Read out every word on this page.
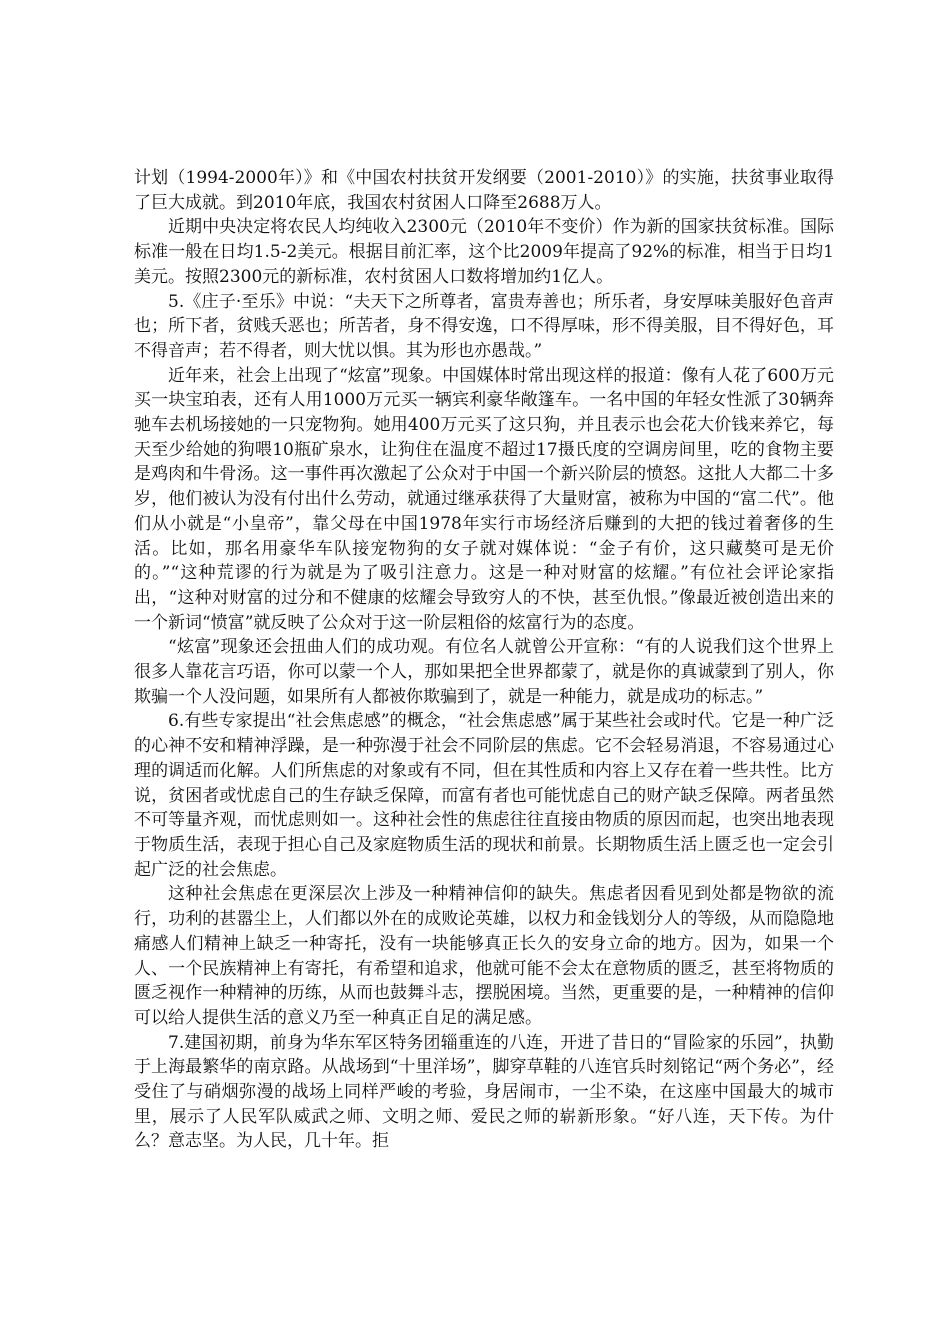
计划（1994-2000年）》和《中国农村扶贫开发纲要（2001-2010）》的实施，扶贫事业取得了巨大成就。到2010年底，我国农村贫困人口降至2688万人。

近期中央决定将农民人均纯收入2300元（2010年不变价）作为新的国家扶贫标准。国际标准一般在日均1.5-2美元。根据目前汇率，这个比2009年提高了92%的标准，相当于日均1美元。按照2300元的新标准，农村贫困人口数将增加约1亿人。

5.《庄子·至乐》中说：“夫天下之所尊者，富贵寿善也；所乐者，身安厚味美服好色音声也；所下者，贫贱夭恶也；所苦者，身不得安逸，口不得厚味，形不得美服，目不得好色，耳不得音声；若不得者，则大忧以惧。其为形也亦愚哉。”

近年来，社会上出现了“炫富”现象。中国媒体时常出现这样的报道：像有人花了600万元买一块宝珀表，还有人用1000万元买一辆宾利豪华敞篷车。一名中国的年轻女性派了30辆奔驰车去机场接她的一只宠物狗。她用400万元买了这只狗，并且表示也会花大价钱来养它，每天至少给她的狗喂10瓶矿泉水，让狗住在温度不超过17摄氏度的空调房间里，吃的食物主要是鸡肉和牛骨汤。这一事件再次激起了公众对于中国一个新兴阶层的愤怒。这批人大都二十多岁，他们被认为没有付出什么劳动，就通过继承获得了大量财富，被称为中国的“富二代”。他们从小就是“小皇帝”，靠父母在中国1978年实行市场经济后赚到的大把的钱过着奢侈的生活。比如，那名用豪华车队接宠物狗的女子就对媒体说：“金子有价，这只藏獒可是无价的。”“这种荒谬的行为就是为了吸引注意力。这是一种对财富的炫耀。”有位社会评论家指出，“这种对财富的过分和不健康的炫耀会导致穷人的不快，甚至仇恨。”像最近被创造出来的一个新词“愤富”就反映了公众对于这一阶层粗俗的炫富行为的态度。

“炫富”现象还会扭曲人们的成功观。有位名人就曾公开宣称：“有的人说我们这个世界上很多人靠花言巧语，你可以蒙一个人，那如果把全世界都蒙了，就是你的真诚蒙到了别人，你欺骗一个人没问题，如果所有人都被你欺骗到了，就是一种能力，就是成功的标志。”

6.有些专家提出“社会焦虑感”的概念，“社会焦虑感”属于某些社会或时代。它是一种广泛的心神不安和精神浮躁，是一种弥漫于社会不同阶层的焦虑。它不会轻易消退，不容易通过心理的调适而化解。人们所焦虑的对象或有不同，但在其性质和内容上又存在着一些共性。比方说，贫困者或忧虑自己的生存缺乏保障，而富有者也可能忧虑自己的财产缺乏保障。两者虽然不可等量齐观，而忧虑则如一。这种社会性的焦虑往往直接由物质的原因而起，也突出地表现于物质生活，表现于担心自己及家庭物质生活的现状和前景。长期物质生活上匮乏也一定会引起广泛的社会焦虑。

这种社会焦虑在更深层次上涉及一种精神信仰的缺失。焦虑者因看见到处都是物欲的流行，功利的甚嚣尘上，人们都以外在的成败论英雄，以权力和金钱划分人的等级，从而隐隐地痛感人们精神上缺乏一种寄托，没有一块能够真正长久的安身立命的地方。因为，如果一个人、一个民族精神上有寄托，有希望和追求，他就可能不会太在意物质的匮乏，甚至将物质的匮乏视作一种精神的历练，从而也鼓舞斗志，摆脱困境。当然，更重要的是，一种精神的信仰可以给人提供生活的意义乃至一种真正自足的满足感。

7.建国初期，前身为华东军区特务团辎重连的八连，开进了昔日的“冒险家的乐园”，执勤于上海最繁华的南京路。从战场到“十里洋场”，脚穿草鞋的八连官兵时刻铭记“两个务必”，经受住了与硝烟弥漫的战场上同样严峻的考验，身居闹市，一尘不染，在这座中国最大的城市里，展示了人民军队威武之师、文明之师、爱民之师的崭新形象。“好八连，天下传。为什么？意志坚。为人民，几十年。拒
